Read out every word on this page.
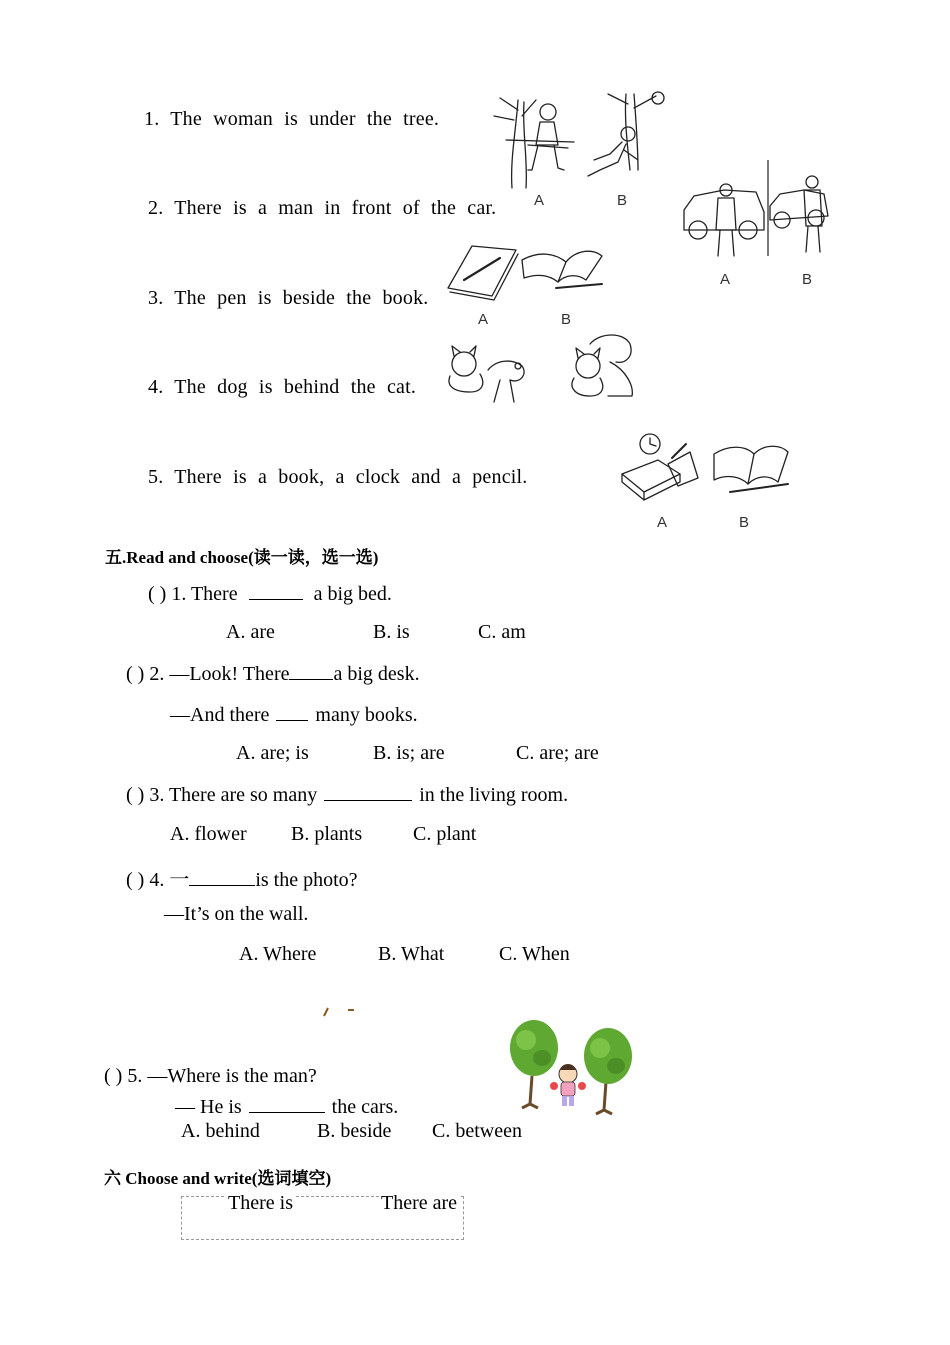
1. The woman is under the tree.
2. There is a man in front of the car.
3. The pen is beside the book.
4. The dog is behind the cat.
5. There is a book, a clock and a pencil.
A	B
A	B
A	B
A	B
五.Read and choose(读一读，选一选)
( ) 1. There	a big bed.
A. are	B. is	C. am
( ) 2. —Look! There a big desk.
—And there many books.
A. are; is	B. is; are	C. are; are
( ) 3. There are so many	in the living room.
A. flower B. plants	C. plant
( ) 4. 一	is the photo?
—It’s on the wall.
A. Where	B. What	C. When
( ) 5. —Where is the man?
— He is	the cars.
A. behind	B. beside C. between
六 Choose and write(选词填空)
There is	There are
